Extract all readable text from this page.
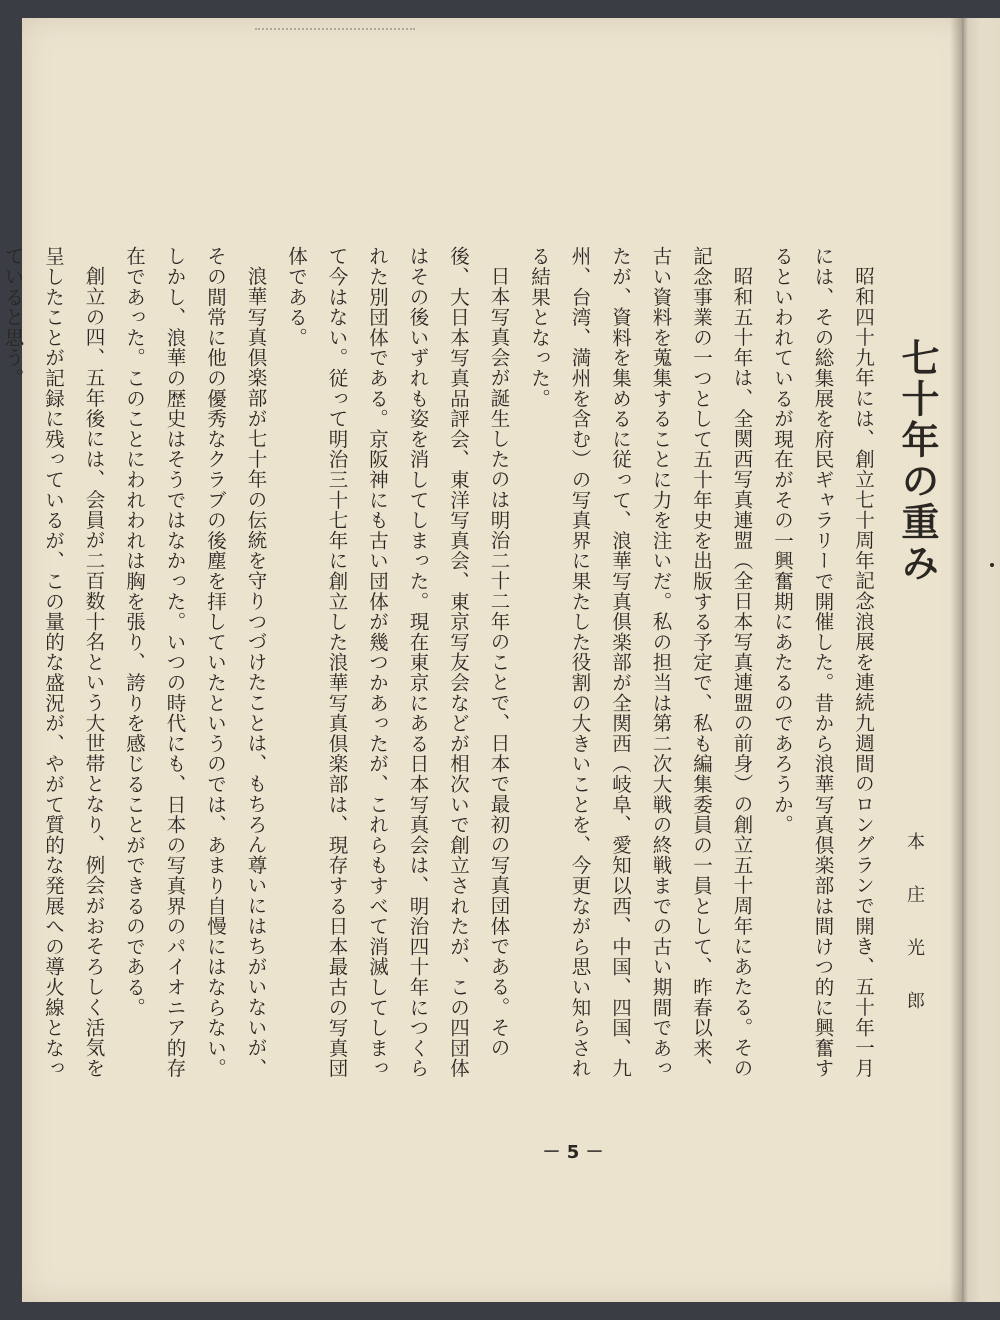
七十年の重み
本庄光郎

昭和四十九年には、創立七十周年記念浪展を連続九週間のロングランで開き、五十年一月には、その総集展を府民ギャラリーで開催した。昔から浪華写真倶楽部は間けつ的に興奮するといわれているが現在がその一興奮期にあたるのであろうか。

昭和五十年は、全関西写真連盟（全日本写真連盟の前身）の創立五十周年にあたる。その記念事業の一つとして五十年史を出版する予定で、私も編集委員の一員として、昨春以来、古い資料を蒐集することに力を注いだ。私の担当は第二次大戦の終戦までの古い期間であったが、資料を集めるに従って、浪華写真倶楽部が全関西（岐阜、愛知以西、中国、四国、九州、台湾、満州を含む）の写真界に果たした役割の大きいことを、今更ながら思い知らされる結果となった。

日本写真会が誕生したのは明治二十二年のことで、日本で最初の写真団体である。その後、大日本写真品評会、東洋写真会、東京写友会などが相次いで創立されたが、この四団体はその後いずれも姿を消してしまった。現在東京にある日本写真会は、明治四十年につくられた別団体である。京阪神にも古い団体が幾つかあったが、これらもすべて消滅してしまって今はない。従って明治三十七年に創立した浪華写真倶楽部は、現存する日本最古の写真団体である。

浪華写真倶楽部が七十年の伝統を守りつづけたことは、もちろん尊いにはちがいないが、その間常に他の優秀なクラブの後塵を拝していたというのでは、あまり自慢にはならない。しかし、浪華の歴史はそうではなかった。いつの時代にも、日本の写真界のパイオニア的存在であった。このことにわれわれは胸を張り、誇りを感じることができるのである。

創立の四、五年後には、会員が二百数十名という大世帯となり、例会がおそろしく活気を呈したことが記録に残っているが、この量的な盛況が、やがて質的な発展への導火線となっていると思う。

－ 5 －
